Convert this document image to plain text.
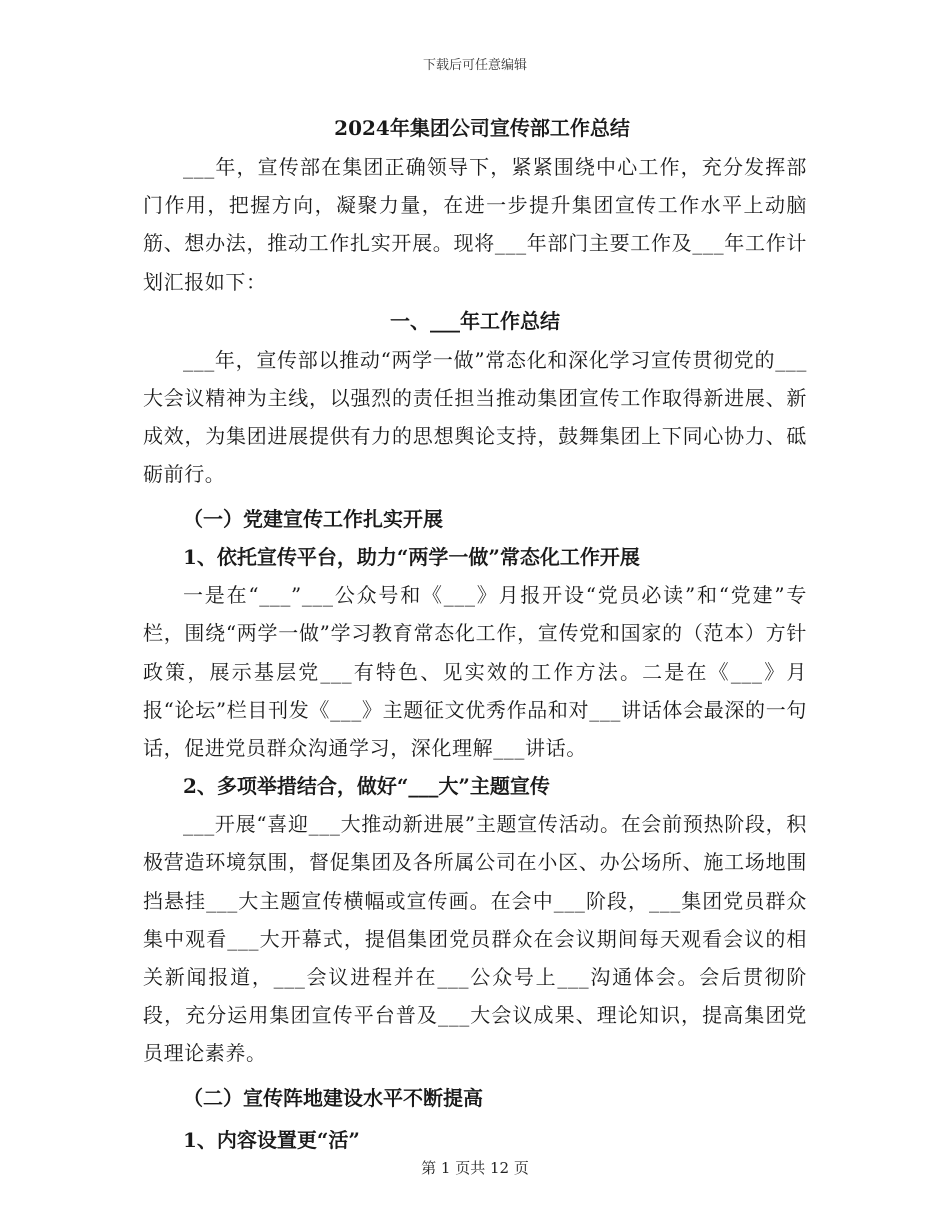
下载后可任意编辑

2024年集团公司宣传部工作总结

___年，宣传部在集团正确领导下，紧紧围绕中心工作，充分发挥部门作用，把握方向，凝聚力量，在进一步提升集团宣传工作水平上动脑筋、想办法，推动工作扎实开展。现将___年部门主要工作及___年工作计划汇报如下：

一、___年工作总结

___年，宣传部以推动“两学一做”常态化和深化学习宣传贯彻党的___大会议精神为主线，以强烈的责任担当推动集团宣传工作取得新进展、新成效，为集团进展提供有力的思想舆论支持，鼓舞集团上下同心协力、砥砺前行。

（一）党建宣传工作扎实开展

1、依托宣传平台，助力“两学一做”常态化工作开展

一是在“___”___公众号和《___》月报开设“党员必读”和“党建”专栏，围绕“两学一做”学习教育常态化工作，宣传党和国家的（范本）方针政策，展示基层党___有特色、见实效的工作方法。二是在《___》月报“论坛”栏目刊发《___》主题征文优秀作品和对___讲话体会最深的一句话，促进党员群众沟通学习，深化理解___讲话。

2、多项举措结合，做好“___大”主题宣传

___开展“喜迎___大推动新进展”主题宣传活动。在会前预热阶段，积极营造环境氛围，督促集团及各所属公司在小区、办公场所、施工场地围挡悬挂___大主题宣传横幅或宣传画。在会中___阶段，___集团党员群众集中观看___大开幕式，提倡集团党员群众在会议期间每天观看会议的相关新闻报道，___会议进程并在___公众号上___沟通体会。会后贯彻阶段，充分运用集团宣传平台普及___大会议成果、理论知识，提高集团党员理论素养。

（二）宣传阵地建设水平不断提高

1、内容设置更“活”

第 1 页共 12 页
